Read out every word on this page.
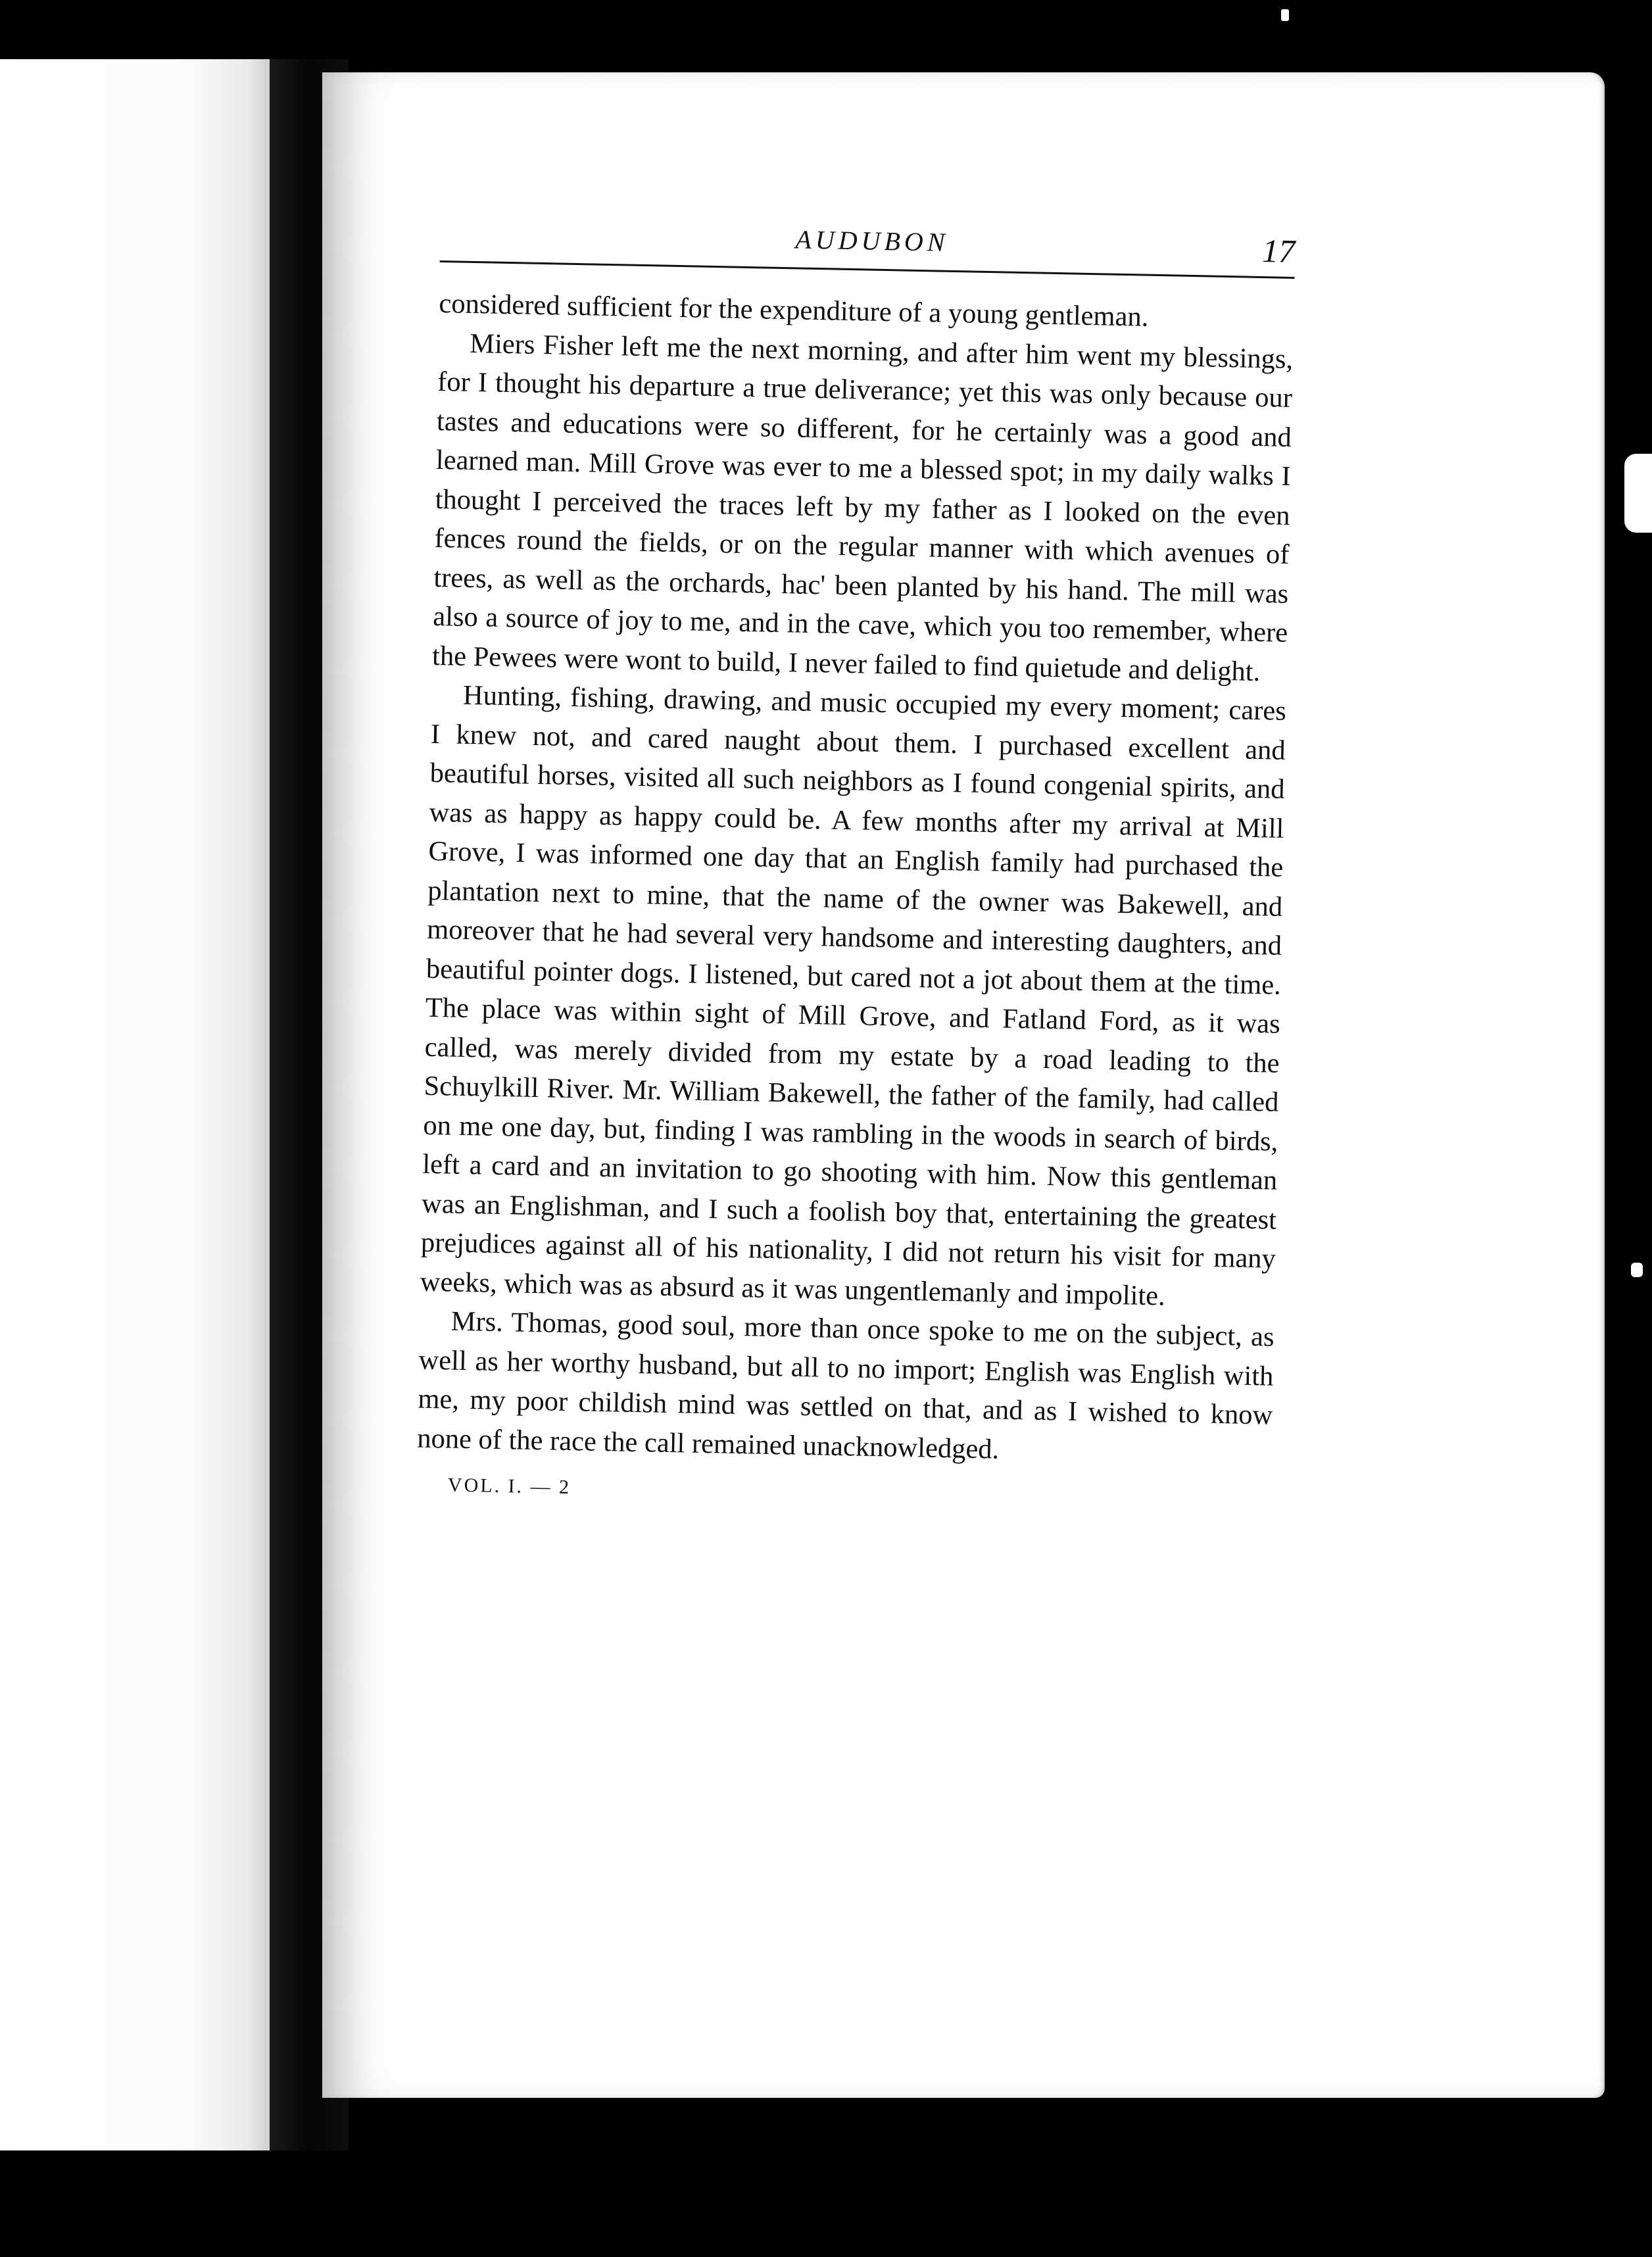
AUDUBON	17

considered sufficient for the expenditure of a young gentleman.

Miers Fisher left me the next morning, and after him went my blessings, for I thought his departure a true deliverance; yet this was only because our tastes and educations were so different, for he certainly was a good and learned man. Mill Grove was ever to me a blessed spot; in my daily walks I thought I perceived the traces left by my father as I looked on the even fences round the fields, or on the regular manner with which avenues of trees, as well as the orchards, hac' been planted by his hand. The mill was also a source of joy to me, and in the cave, which you too remember, where the Pewees were wont to build, I never failed to find quietude and delight.

Hunting, fishing, drawing, and music occupied my every moment; cares I knew not, and cared naught about them. I purchased excellent and beautiful horses, visited all such neighbors as I found congenial spirits, and was as happy as happy could be. A few months after my arrival at Mill Grove, I was informed one day that an English family had purchased the plantation next to mine, that the name of the owner was Bakewell, and moreover that he had several very handsome and interesting daughters, and beautiful pointer dogs. I listened, but cared not a jot about them at the time. The place was within sight of Mill Grove, and Fatland Ford, as it was called, was merely divided from my estate by a road leading to the Schuylkill River. Mr. William Bakewell, the father of the family, had called on me one day, but, finding I was rambling in the woods in search of birds, left a card and an invitation to go shooting with him. Now this gentleman was an Englishman, and I such a foolish boy that, entertaining the greatest prejudices against all of his nationality, I did not return his visit for many weeks, which was as absurd as it was ungentlemanly and impolite.

Mrs. Thomas, good soul, more than once spoke to me on the subject, as well as her worthy husband, but all to no import; English was English with me, my poor childish mind was settled on that, and as I wished to know none of the race the call remained unacknowledged.

VOL. I. — 2
